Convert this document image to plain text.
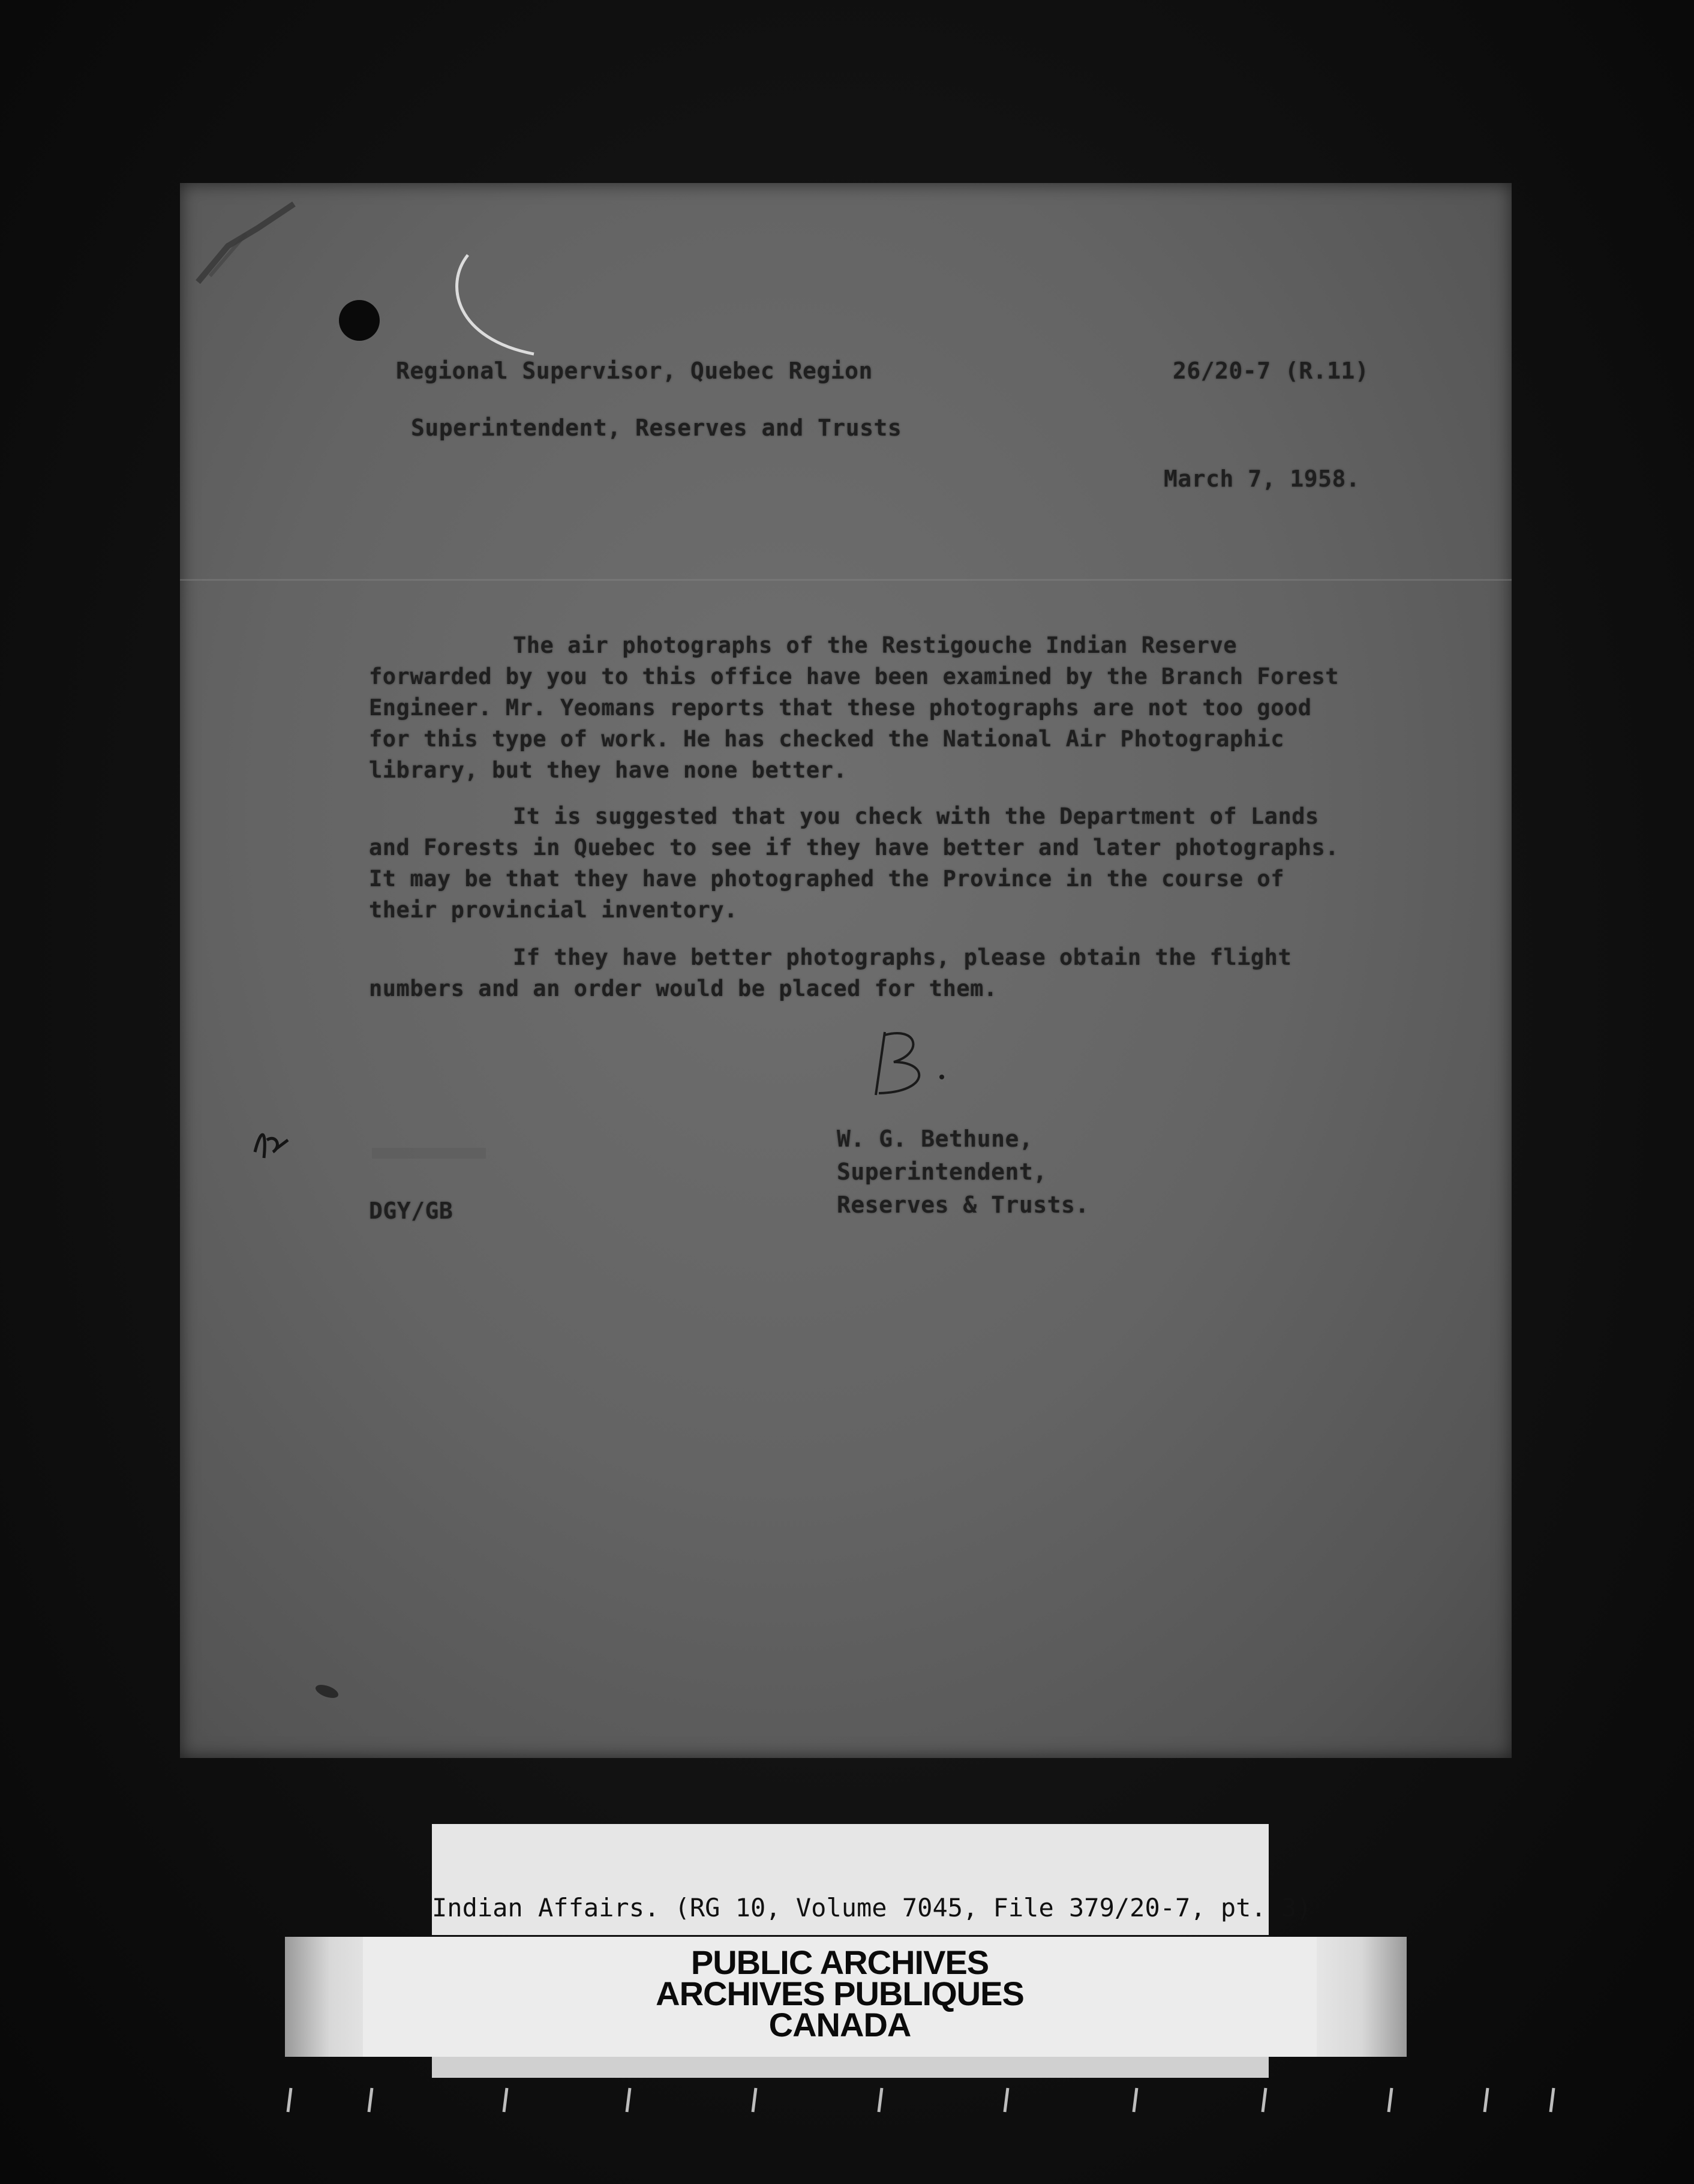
Regional Supervisor, Quebec Region
Superintendent, Reserves and Trusts
26/20-7 (R.11)
March 7, 1958.
The air photographs of the Restigouche Indian Reserve forwarded by you to this office have been examined by the Branch Forest Engineer. Mr. Yeomans reports that these photographs are not too good for this type of work. He has checked the National Air Photographic library, but they have none better.
It is suggested that you check with the Department of Lands and Forests in Quebec to see if they have better and later photographs. It may be that they have photographed the Province in the course of their provincial inventory.
If they have better photographs, please obtain the flight numbers and an order would be placed for them.
W. G. Bethune,
Superintendent,
Reserves & Trusts.
DGY/GB
Indian Affairs. (RG 10, Volume 7045, File 379/20-7, pt. 3)
PUBLIC ARCHIVES
ARCHIVES PUBLIQUES
CANADA
